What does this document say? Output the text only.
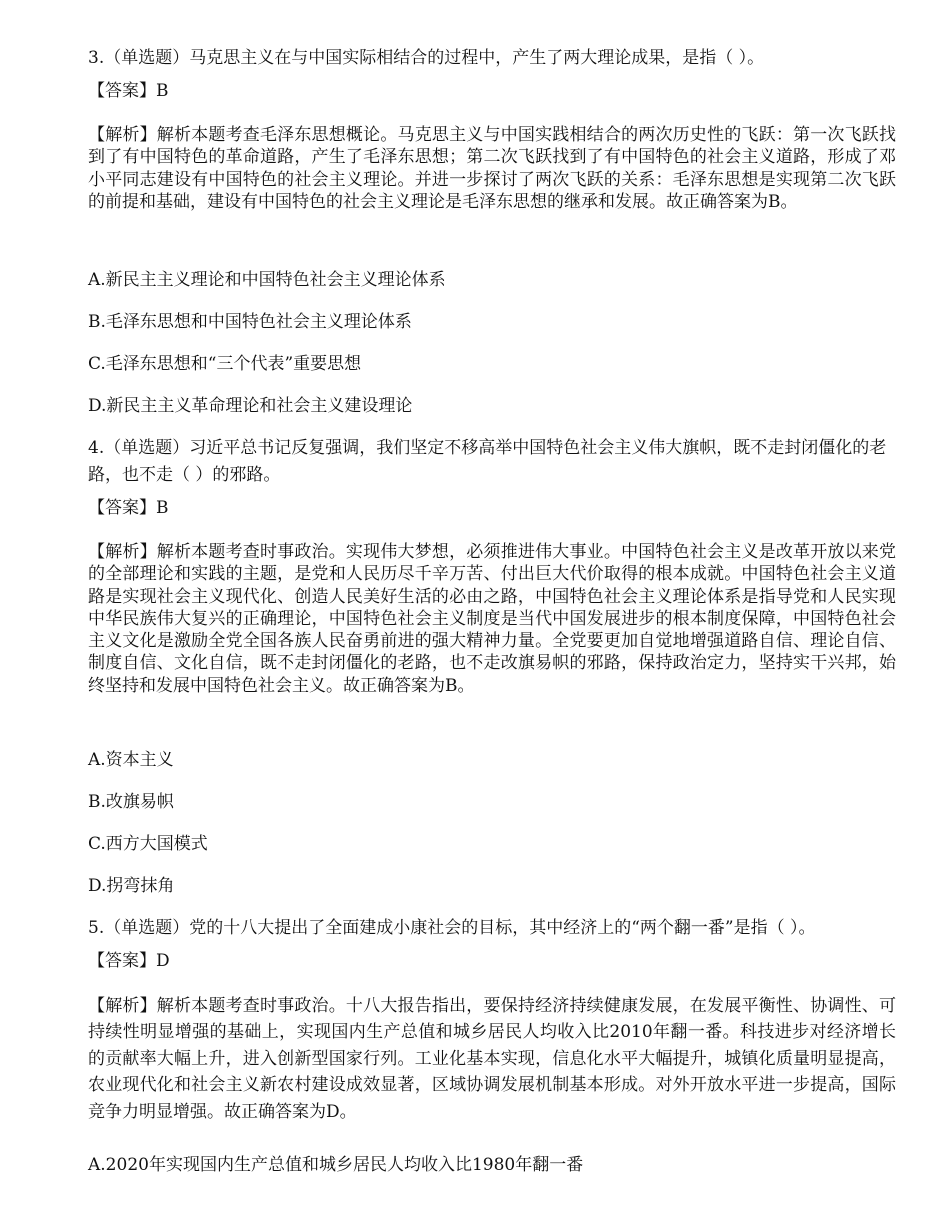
3.（单选题）马克思主义在与中国实际相结合的过程中，产生了两大理论成果，是指（ ）。

【答案】B

【解析】解析本题考查毛泽东思想概论。马克思主义与中国实践相结合的两次历史性的飞跃：第一次飞跃找到了有中国特色的革命道路，产生了毛泽东思想；第二次飞跃找到了有中国特色的社会主义道路，形成了邓小平同志建设有中国特色的社会主义理论。并进一步探讨了两次飞跃的关系：毛泽东思想是实现第二次飞跃的前提和基础，建设有中国特色的社会主义理论是毛泽东思想的继承和发展。故正确答案为B。

A.新民主主义理论和中国特色社会主义理论体系

B.毛泽东思想和中国特色社会主义理论体系

C.毛泽东思想和“三个代表”重要思想

D.新民主主义革命理论和社会主义建设理论

4.（单选题）习近平总书记反复强调，我们坚定不移高举中国特色社会主义伟大旗帜，既不走封闭僵化的老路，也不走（ ）的邪路。

【答案】B

【解析】解析本题考查时事政治。实现伟大梦想，必须推进伟大事业。中国特色社会主义是改革开放以来党的全部理论和实践的主题，是党和人民历尽千辛万苦、付出巨大代价取得的根本成就。中国特色社会主义道路是实现社会主义现代化、创造人民美好生活的必由之路，中国特色社会主义理论体系是指导党和人民实现中华民族伟大复兴的正确理论，中国特色社会主义制度是当代中国发展进步的根本制度保障，中国特色社会主义文化是激励全党全国各族人民奋勇前进的强大精神力量。全党要更加自觉地增强道路自信、理论自信、制度自信、文化自信，既不走封闭僵化的老路，也不走改旗易帜的邪路，保持政治定力，坚持实干兴邦，始终坚持和发展中国特色社会主义。故正确答案为B。

A.资本主义

B.改旗易帜

C.西方大国模式

D.拐弯抹角

5.（单选题）党的十八大提出了全面建成小康社会的目标，其中经济上的“两个翻一番”是指（ ）。

【答案】D

【解析】解析本题考查时事政治。十八大报告指出，要保持经济持续健康发展，在发展平衡性、协调性、可持续性明显增强的基础上，实现国内生产总值和城乡居民人均收入比2010年翻一番。科技进步对经济增长的贡献率大幅上升，进入创新型国家行列。工业化基本实现，信息化水平大幅提升，城镇化质量明显提高，农业现代化和社会主义新农村建设成效显著，区域协调发展机制基本形成。对外开放水平进一步提高，国际竞争力明显增强。故正确答案为D。

A.2020年实现国内生产总值和城乡居民人均收入比1980年翻一番
